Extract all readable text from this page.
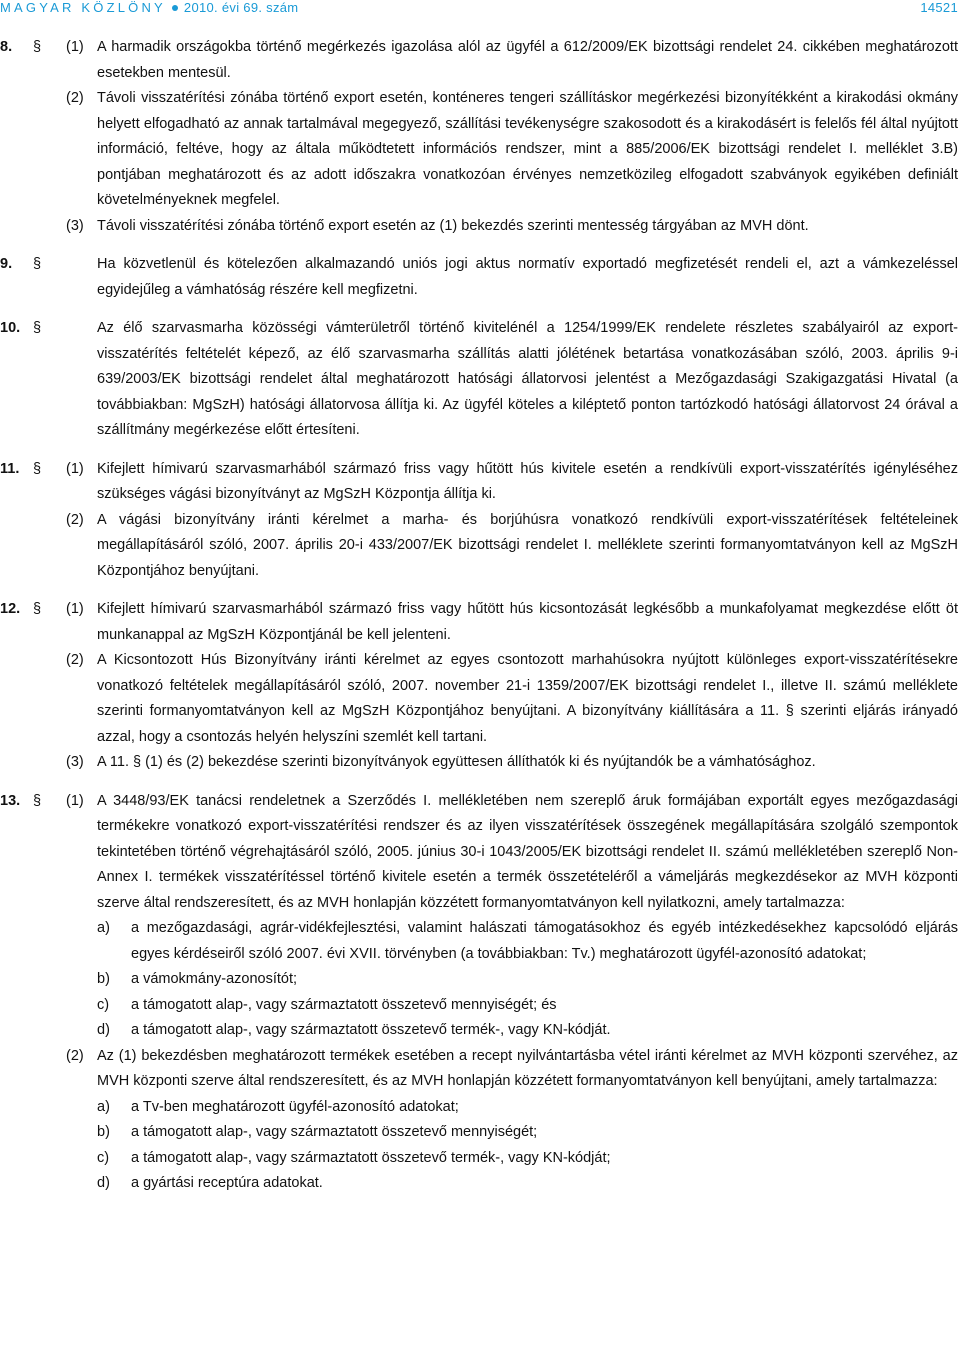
MAGYAR KÖZLÖNY 2010. évi 69. szám	14521
8. § (1) A harmadik országokba történő megérkezés igazolása alól az ügyfél a 612/2009/EK bizottsági rendelet 24. cikkében meghatározott esetekben mentesül.
(2) Távoli visszatérítési zónába történő export esetén, konténeres tengeri szállításkor megérkezési bizonyítékként a kirakodási okmány helyett elfogadható az annak tartalmával megegyező, szállítási tevékenységre szakosodott és a kirakodásért is felelős fél által nyújtott információ, feltéve, hogy az általa működtetett információs rendszer, mint a 885/2006/EK bizottsági rendelet I. melléklet 3.B) pontjában meghatározott és az adott időszakra vonatkozóan érvényes nemzetközileg elfogadott szabványok egyikében definiált követelményeknek megfelel.
(3) Távoli visszatérítési zónába történő export esetén az (1) bekezdés szerinti mentesség tárgyában az MVH dönt.
9. §	Ha közvetlenül és kötelezően alkalmazandó uniós jogi aktus normatív exportadó megfizetését rendeli el, azt a vámkezeléssel egyidejűleg a vámhatóság részére kell megfizetni.
10. §	Az élő szarvasmarha közösségi vámterületről történő kivitelénél a 1254/1999/EK rendelete részletes szabályairól az export-visszatérítés feltételét képező, az élő szarvasmarha szállítás alatti jólétének betartása vonatkozásában szóló, 2003. április 9-i 639/2003/EK bizottsági rendelet által meghatározott hatósági állatorvosi jelentést a Mezőgazdasági Szakigazgatási Hivatal (a továbbiakban: MgSzH) hatósági állatorvosa állítja ki. Az ügyfél köteles a kiléptető ponton tartózkodó hatósági állatorvost 24 órával a szállítmány megérkezése előtt értesíteni.
11. § (1) Kifejlett hímivarú szarvasmarhából származó friss vagy hűtött hús kivitele esetén a rendkívüli export-visszatérítés igényléséhez szükséges vágási bizonyítványt az MgSzH Központja állítja ki.
(2) A vágási bizonyítvány iránti kérelmet a marha- és borjúhúsra vonatkozó rendkívüli export-visszatérítések feltételeinek megállapításáról szóló, 2007. április 20-i 433/2007/EK bizottsági rendelet I. melléklete szerinti formanyomtatványon kell az MgSzH Központjához benyújtani.
12. § (1) Kifejlett hímivarú szarvasmarhából származó friss vagy hűtött hús kicsontozását legkésőbb a munkafolyamat megkezdése előtt öt munkanappal az MgSzH Központjánál be kell jelenteni.
(2) A Kicsontozott Hús Bizonyítvány iránti kérelmet az egyes csontozott marhahúsokra nyújtott különleges export-visszatérítésekre vonatkozó feltételek megállapításáról szóló, 2007. november 21-i 1359/2007/EK bizottsági rendelet I., illetve II. számú melléklete szerinti formanyomtatványon kell az MgSzH Központjához benyújtani. A bizonyítvány kiállítására a 11. § szerinti eljárás irányadó azzal, hogy a csontozás helyén helyszíni szemlét kell tartani.
(3) A 11. § (1) és (2) bekezdése szerinti bizonyítványok együttesen állíthatók ki és nyújtandók be a vámhatósághoz.
13. § (1) A 3448/93/EK tanácsi rendeletnek a Szerződés I. mellékletében nem szereplő áruk formájában exportált egyes mezőgazdasági termékekre vonatkozó export-visszatérítési rendszer és az ilyen visszatérítések összegének megállapítására szolgáló szempontok tekintetében történő végrehajtásáról szóló, 2005. június 30-i 1043/2005/EK bizottsági rendelet II. számú mellékletében szereplő Non-Annex I. termékek visszatérítéssel történő kivitele esetén a termék összetételéről a vámeljárás megkezdésekor az MVH központi szerve által rendszeresített, és az MVH honlapján közzétett formanyomtatványon kell nyilatkozni, amely tartalmazza:
a) a mezőgazdasági, agrár-vidékfejlesztési, valamint halászati támogatásokhoz és egyéb intézkedésekhez kapcsolódó eljárás egyes kérdéseiről szóló 2007. évi XVII. törvényben (a továbbiakban: Tv.) meghatározott ügyfél-azonosító adatokat;
b) a vámokmány-azonosítót;
c) a támogatott alap-, vagy származtatott összetevő mennyiségét; és
d) a támogatott alap-, vagy származtatott összetevő termék-, vagy KN-kódját.
(2) Az (1) bekezdésben meghatározott termékek esetében a recept nyilvántartásba vétel iránti kérelmet az MVH központi szervéhez, az MVH központi szerve által rendszeresített, és az MVH honlapján közzétett formanyomtatványon kell benyújtani, amely tartalmazza:
a) a Tv-ben meghatározott ügyfél-azonosító adatokat;
b) a támogatott alap-, vagy származtatott összetevő mennyiségét;
c) a támogatott alap-, vagy származtatott összetevő termék-, vagy KN-kódját;
d) a gyártási receptúra adatokat.
